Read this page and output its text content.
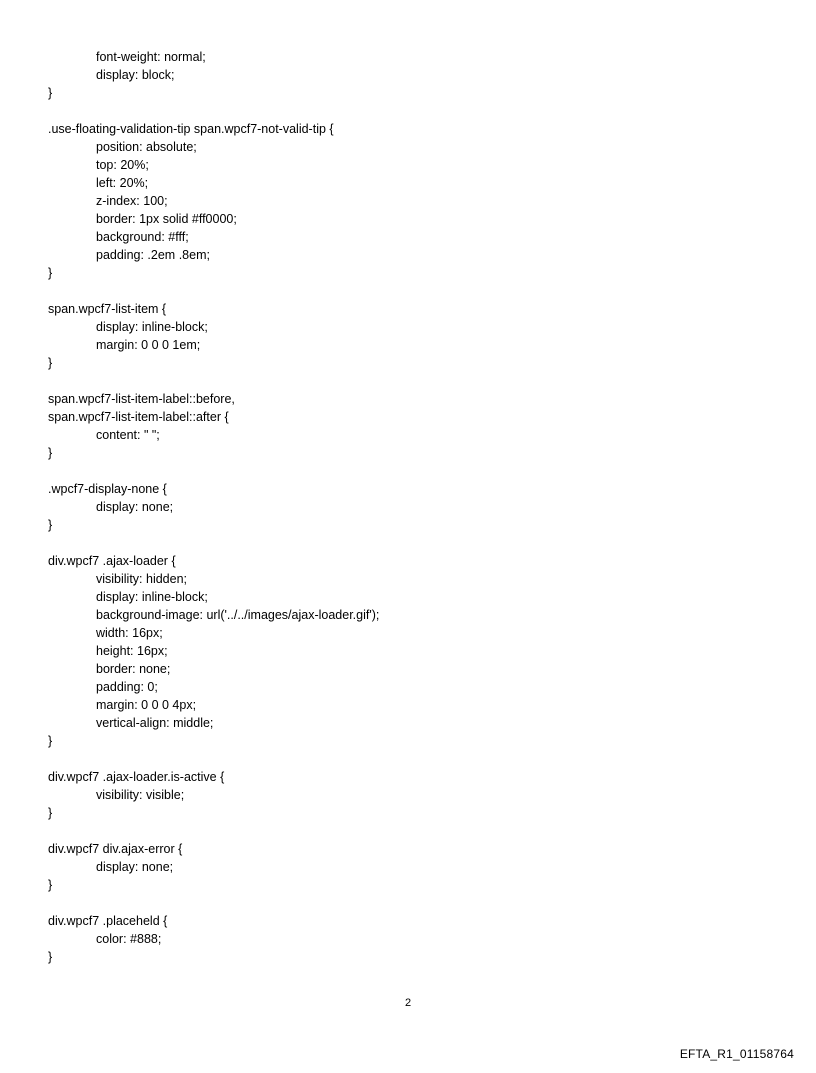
font-weight: normal;
display: block;
}
.use-floating-validation-tip span.wpcf7-not-valid-tip {
position: absolute;
top: 20%;
left: 20%;
z-index: 100;
border: 1px solid #ff0000;
background: #fff;
padding: .2em .8em;
}
span.wpcf7-list-item {
display: inline-block;
margin: 0 0 0 1em;
}
span.wpcf7-list-item-label::before,
span.wpcf7-list-item-label::after {
content: " ";
}
.wpcf7-display-none {
display: none;
}
div.wpcf7 .ajax-loader {
visibility: hidden;
display: inline-block;
background-image: url('../../images/ajax-loader.gif');
width: 16px;
height: 16px;
border: none;
padding: 0;
margin: 0 0 0 4px;
vertical-align: middle;
}
div.wpcf7 .ajax-loader.is-active {
visibility: visible;
}
div.wpcf7 div.ajax-error {
display: none;
}
div.wpcf7 .placeheld {
color: #888;
}
2
EFTA_R1_01158764
